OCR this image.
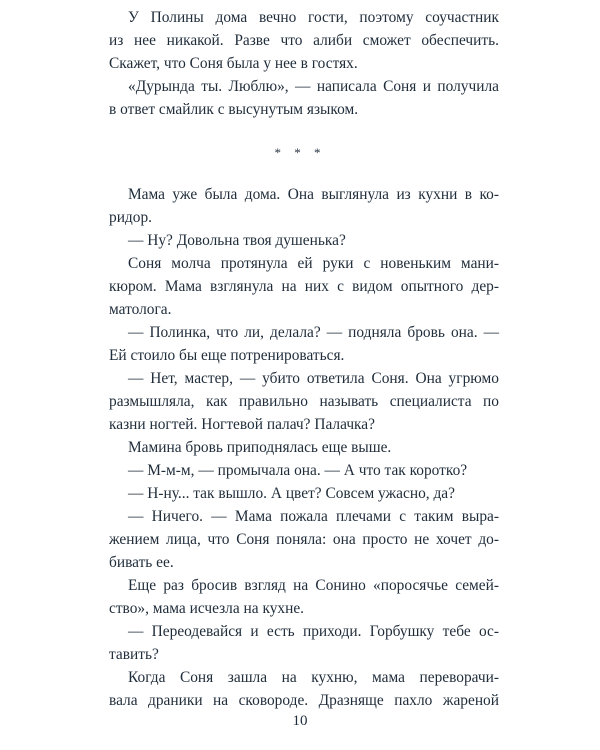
У Полины дома вечно гости, поэтому соучастник
из нее никакой. Разве что алиби сможет обеспечить.
Скажет, что Соня была у нее в гостях.
«Дурында ты. Люблю», — написала Соня и получила
в ответ смайлик с высунутым языком.
* * *
Мама уже была дома. Она выглянула из кухни в ко-
ридор.
— Ну? Довольна твоя душенька?
Соня молча протянула ей руки с новеньким мани-
кюром. Мама взглянула на них с видом опытного дер-
матолога.
— Полинка, что ли, делала? — подняла бровь она. —
Ей стоило бы еще потренироваться.
— Нет, мастер, — убито ответила Соня. Она угрюмо
размышляла, как правильно называть специалиста по
казни ногтей. Ногтевой палач? Палачка?
Мамина бровь приподнялась еще выше.
— М-м-м, — промычала она. — А что так коротко?
— Н-ну... так вышло. А цвет? Совсем ужасно, да?
— Ничего. — Мама пожала плечами с таким выра-
жением лица, что Соня поняла: она просто не хочет до-
бивать ее.
Еще раз бросив взгляд на Сонино «поросячье семей-
ство», мама исчезла на кухне.
— Переодевайся и есть приходи. Горбушку тебе ос-
тавить?
Когда Соня зашла на кухню, мама переворачи-
вала драники на сковороде. Дразняще пахло жареной
10
